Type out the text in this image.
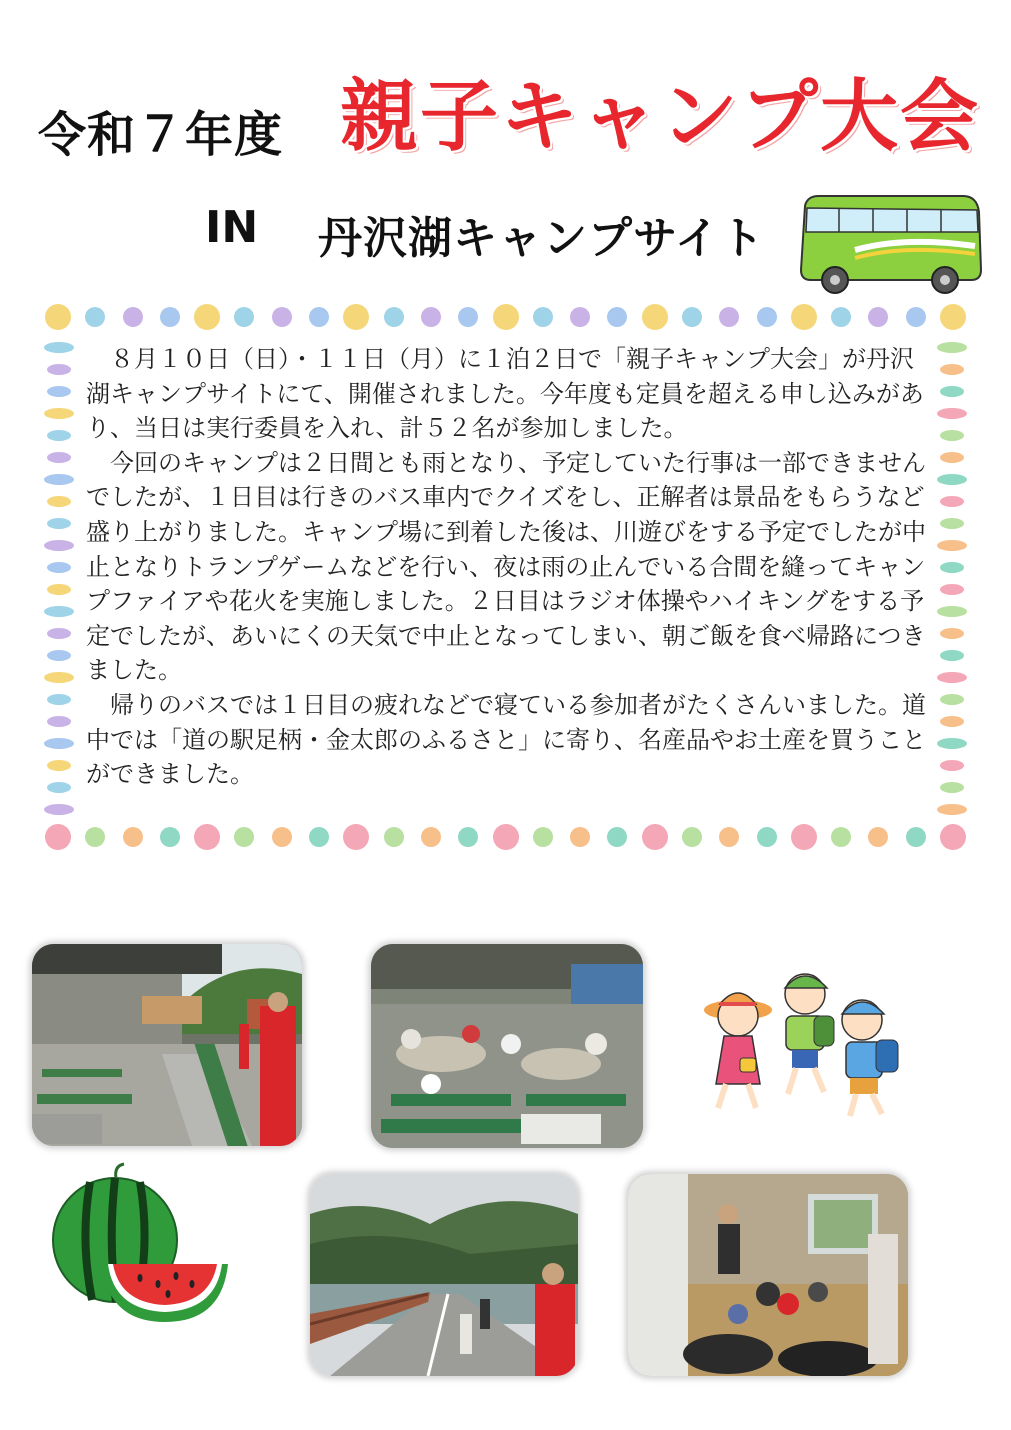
令和７年度 親子キャンプ大会
IN 丹沢湖キャンプサイト

８月１０日（日）・１１日（月）に１泊２日で「親子キャンプ大会」が丹沢湖キャンプサイトにて、開催されました。今年度も定員を超える申し込みがあり、当日は実行委員を入れ、計５２名が参加しました。

今回のキャンプは２日間とも雨となり、予定していた行事は一部できませんでしたが、１日目は行きのバス車内でクイズをし、正解者は景品をもらうなど盛り上がりました。キャンプ場に到着した後は、川遊びをする予定でしたが中止となりトランプゲームなどを行い、夜は雨の止んでいる合間を縫ってキャンプファイアや花火を実施しました。２日目はラジオ体操やハイキングをする予定でしたが、あいにくの天気で中止となってしまい、朝ご飯を食べ帰路につきました。

帰りのバスでは１日目の疲れなどで寝ている参加者がたくさんいました。道中では「道の駅足柄・金太郎のふるさと」に寄り、名産品やお土産を買うことができました。
